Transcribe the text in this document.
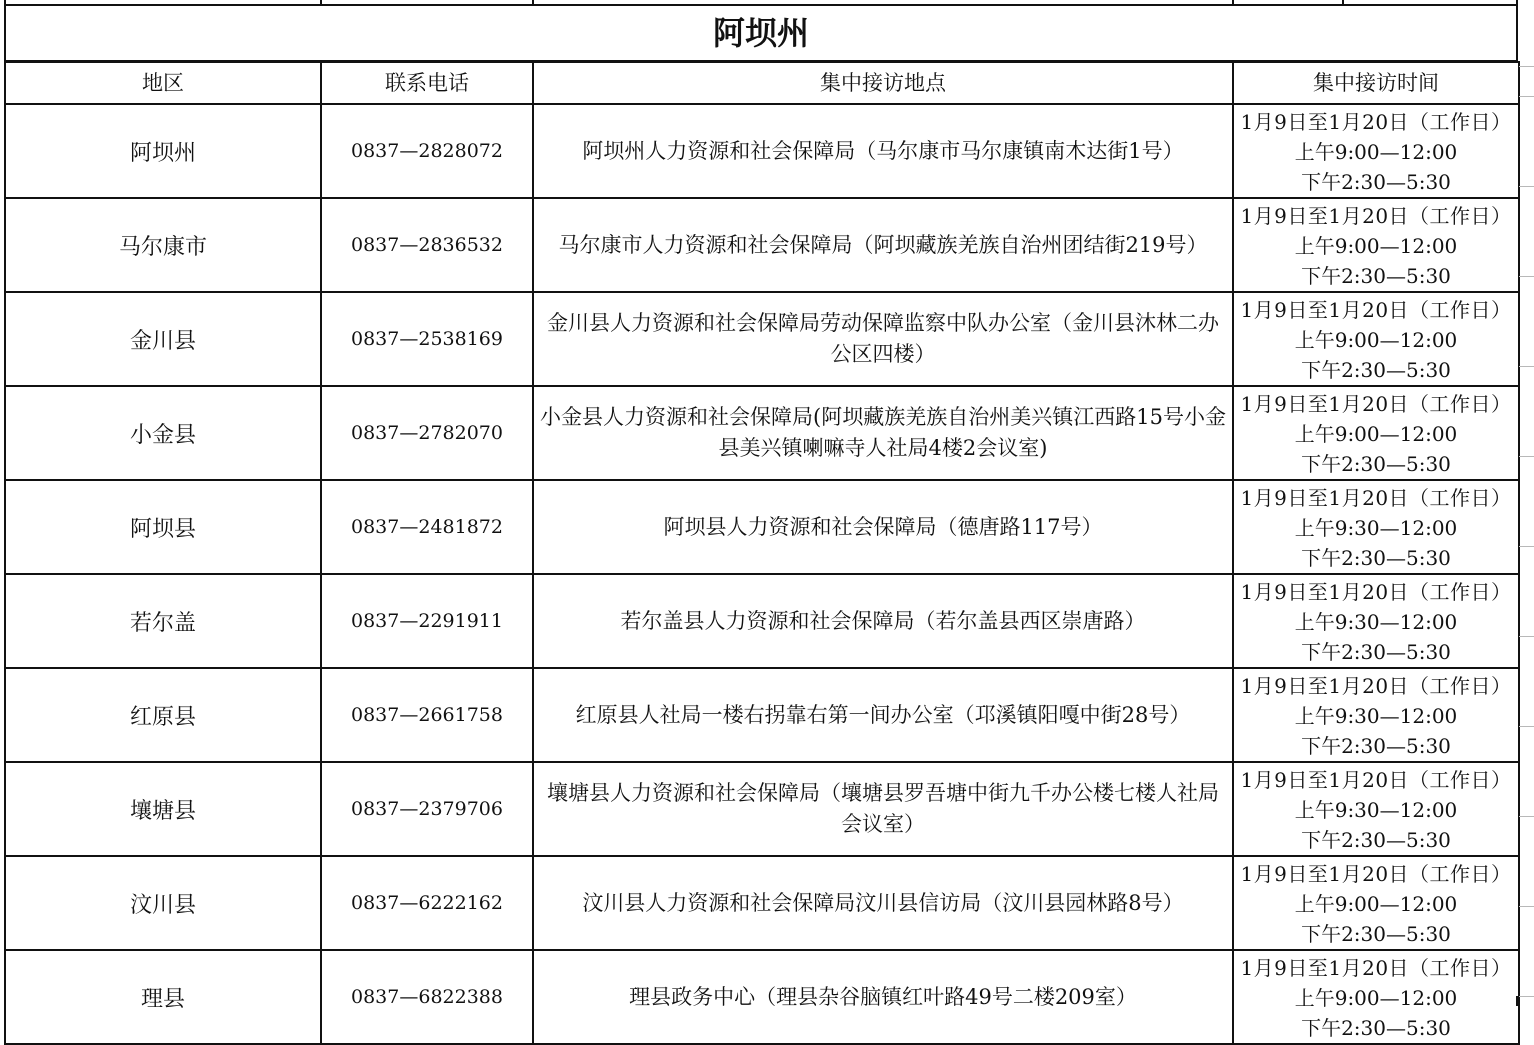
阿坝州
地区	联系电话	集中接访地点	集中接访时间
阿坝州	0837—2828072	阿坝州人力资源和社会保障局（马尔康市马尔康镇南木达街1号）	1月9日至1月20日（工作日）
上午9:00—12:00
下午2:30—5:30

马尔康市	0837—2836532	马尔康市人力资源和社会保障局（阿坝藏族羌族自治州团结街219号）	1月9日至1月20日（工作日）
上午9:00—12:00
下午2:30—5:30

金川县	0837—2538169	金川县人力资源和社会保障局劳动保障监察中队办公室（金川县沐林二办公区四楼）	1月9日至1月20日（工作日）
上午9:00—12:00
下午2:30—5:30

小金县	0837—2782070	小金县人力资源和社会保障局(阿坝藏族羌族自治州美兴镇江西路15号小金县美兴镇喇嘛寺人社局4楼2会议室)	1月9日至1月20日（工作日）
上午9:00—12:00
下午2:30—5:30

阿坝县	0837—2481872	阿坝县人力资源和社会保障局（德唐路117号）	1月9日至1月20日（工作日）
上午9:30—12:00
下午2:30—5:30

若尔盖	0837—2291911	若尔盖县人力资源和社会保障局（若尔盖县西区崇唐路）	1月9日至1月20日（工作日）
上午9:30—12:00
下午2:30—5:30

红原县	0837—2661758	红原县人社局一楼右拐靠右第一间办公室（邛溪镇阳嘎中街28号）	1月9日至1月20日（工作日）
上午9:30—12:00
下午2:30—5:30

壤塘县	0837—2379706	壤塘县人力资源和社会保障局（壤塘县罗吾塘中街九千办公楼七楼人社局会议室）	1月9日至1月20日（工作日）
上午9:30—12:00
下午2:30—5:30

汶川县	0837—6222162	汶川县人力资源和社会保障局汶川县信访局（汶川县园林路8号）	1月9日至1月20日（工作日）
上午9:00—12:00
下午2:30—5:30

理县	0837—6822388	理县政务中心（理县杂谷脑镇红叶路49号二楼209室）	1月9日至1月20日（工作日）
上午9:00—12:00
下午2:30—5:30
